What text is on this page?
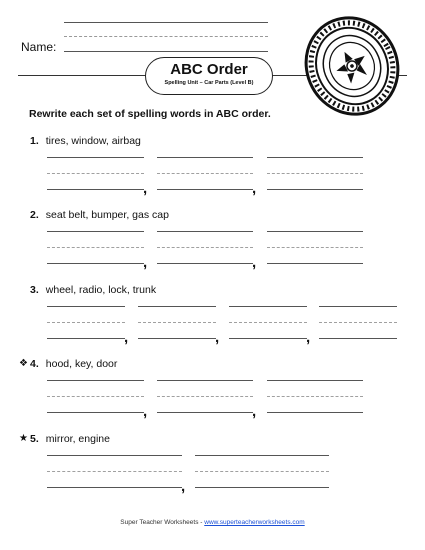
Name:
ABC Order
Spelling Unit – Car Parts (Level B)
Rewrite each set of spelling words in ABC order.
1. tires, window, airbag
,	,
2. seat belt, bumper, gas cap
,	,
3. wheel, radio, lock, trunk
,	,	,
❖ 4. hood, key, door
,	,
★ 5. mirror, engine
,
Super Teacher Worksheets - www.superteacherworksheets.com
